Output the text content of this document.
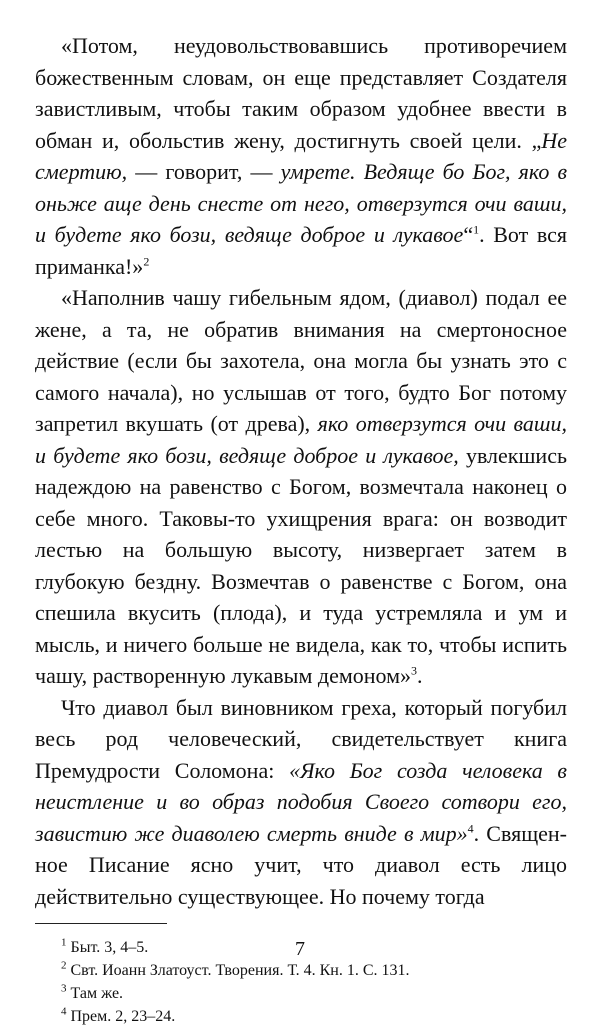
«Потом, неудовольствовавшись противоречием божественным словам, он еще представляет Создателя завистливым, чтобы таким образом удобнее ввести в обман и, обольстив жену, достигнуть своей цели. „Не смертию, — говорит, — умрете. Ведяще бо Бог, яко в оньже аще день снесте от него, отверзутся очи ваши, и будете яко бози, ведяще доброе и лукавое“$^1$. Вот вся приманка!»$^2$

«Наполнив чашу гибельным ядом, (диавол) подал ее жене, а та, не обратив внимания на смертоносное действие (если бы захотела, она могла бы узнать это с самого начала), но услышав от того, будто Бог потому запретил вкушать (от древа), яко отверзутся очи ваши, и будете яко бози, ведяще доброе и лукавое, увлекшись надеждою на равенство с Богом, возмечтала наконец о себе много. Таковы-то ухищрения врага: он возводит лестью на большую высоту, низвергает затем в глубокую бездну. Возмечтав о равенстве с Богом, она спешила вкусить (плода), и туда устремляла и ум и мысль, и ничего больше не видела, как то, чтобы испить чашу, растворенную лукавым демоном»$^3$.

Что диавол был виновником греха, который погубил весь род человеческий, свидетельствует книга Премудрости Соломона: «Яко Бог созда человека в неистление и во образ подобия Своего сотвори его, завистию же диаволею смерть вниде в мир»$^4$. Священное Писание ясно учит, что диавол есть лицо действительно существующее. Но почему тогда

$^1$ Быт. 3, 4–5.
$^2$ Свт. Иоанн Златоуст. Творения. Т. 4. Кн. 1. С. 131.
$^3$ Там же.
$^4$ Прем. 2, 23–24.
7
